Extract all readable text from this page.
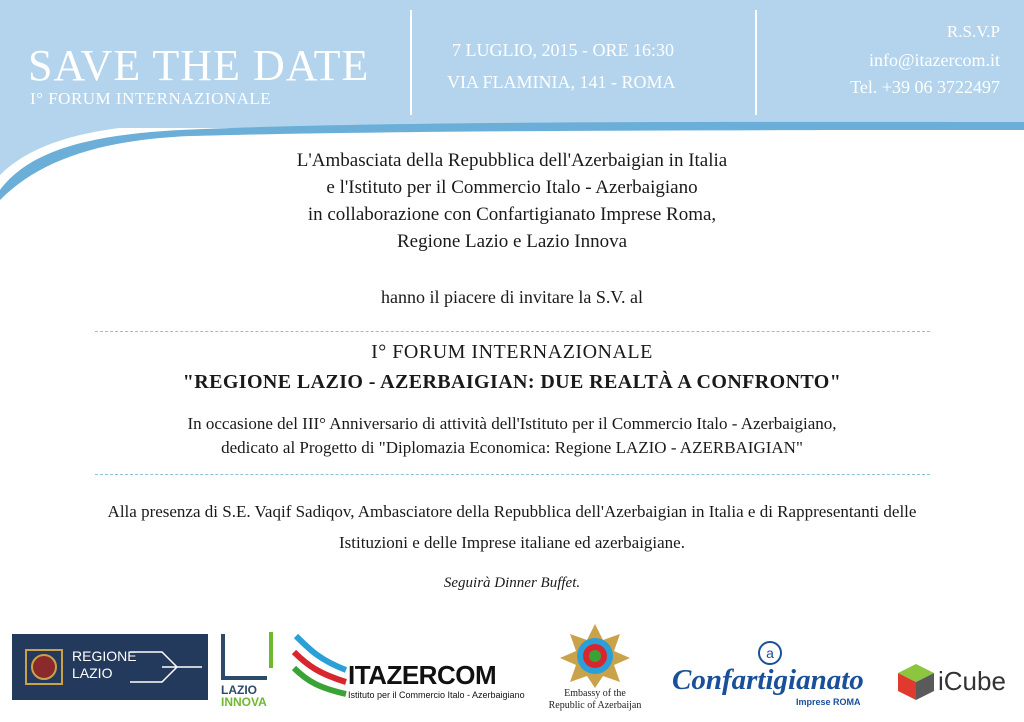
SAVE THE DATE
I° FORUM INTERNAZIONALE
7 LUGLIO, 2015 - ORE 16:30
VIA FLAMINIA, 141 - ROMA
R.S.V.P
info@itazercom.it
Tel. +39 06 3722497
L'Ambasciata della Repubblica dell'Azerbaigian in Italia
e l'Istituto per il Commercio Italo - Azerbaigiano
in collaborazione con Confartigianato Imprese Roma,
Regione Lazio e Lazio Innova
hanno il piacere di invitare la S.V. al
I° FORUM INTERNAZIONALE
"REGIONE LAZIO - AZERBAIGIAN: DUE REALTÀ A CONFRONTO"
In occasione del III° Anniversario di attività dell'Istituto per il Commercio Italo - Azerbaigiano,
dedicato al Progetto di "Diplomazia Economica: Regione LAZIO - AZERBAIGIAN"
Alla presenza di S.E. Vaqif Sadiqov, Ambasciatore della Repubblica dell'Azerbaigian in Italia e di Rappresentanti delle
Istituzioni e delle Imprese italiane ed azerbaigiane.
Seguirà Dinner Buffet.
REGIONE
LAZIO
LAZIO
INNOVA
ITAZERCOM
Istituto per il Commercio Italo - Azerbaigiano	Embassy of the
Republic of Azerbaijan
a
Confartigianato
Imprese ROMA
iCube
